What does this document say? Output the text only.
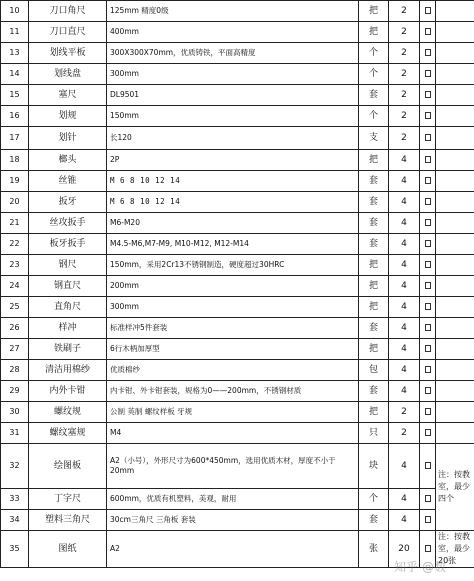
10	刀口角尺	125mm 精度0级	把	2		
11	刀口直尺	400mm	把	2		
13	划线平板	300X300X70mm，优质铸铁，平面高精度	个	2		
14	划线盘	300mm	个	2		
15	塞尺	DL9501	套	2		
16	划规	150mm	个	2		
17	划针	长120	支	2		
18	榔头	2P	把	4		
19	丝锥	M 6 8 10 12 14	套	4		
20	扳牙	M 6 8 10 12 14	套	4		
21	丝攻扳手	M6-M20	套	4		
22	板牙扳手	M4.5-M6,M7-M9, M10-M12, M12-M14	套	4		
23	钢尺	150mm，采用2Cr13不锈钢制造，硬度超过30HRC	把	4		
24	钢直尺	200mm	把	4		
25	直角尺	300mm	把	4		
26	样冲	标准样冲5件套装	套	4		
27	铁刷子	6行木柄加厚型	把	4		
28	清洁用棉纱	优质棉纱	包	4		
29	内外卡钳	内卡钳、外卡钳套装，规格为0——200mm，不锈钢材质	套	4		
30	螺纹规	公制 英制 螺纹样板 牙规	把	2		
31	螺纹塞规	M4	只	2		
32	绘图板	A2（小号），外形尺寸为600*450mm，选用优质木材，厚度不小于20mm	块	4		注：按教室，最少四个
33	丁字尺	600mm，优质有机塑料，美观，耐用	个	4		
34	塑料三角尺	30cm三角尺 三角板 套装	套	4		
35	图纸	A2	张	20		注：按教室，最少20张
知乎 @数
